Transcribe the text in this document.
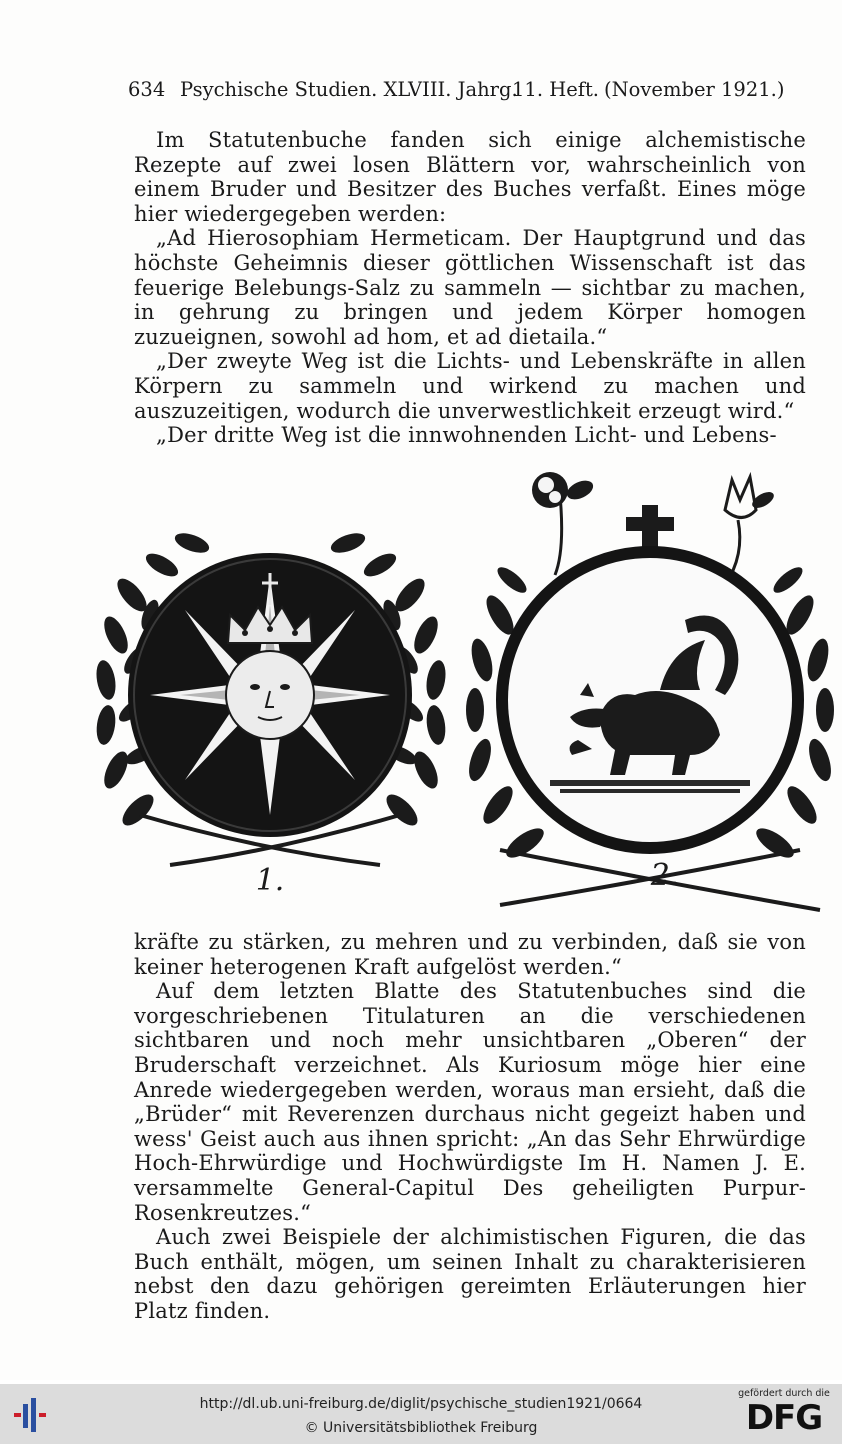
634 Psychische Studien. XLVIII. Jahrg.
11. Heft. (November 1921.)

Im Statutenbuche fanden sich einige alchemistische Rezepte auf zwei losen Blättern vor, wahrscheinlich von einem Bruder und Besitzer des Buches verfaßt. Eines möge hier wiedergegeben werden:

„Ad Hierosophiam Hermeticam. Der Hauptgrund und das höchste Geheimnis dieser göttlichen Wissenschaft ist das feuerige Belebungs-Salz zu sammeln — sichtbar zu machen, in gehrung zu bringen und jedem Körper homogen zuzueignen, sowohl ad hom, et ad dietaila.“

„Der zweyte Weg ist die Lichts- und Lebenskräfte in allen Körpern zu sammeln und wirkend zu machen und auszuzeitigen, wodurch die unverwestlichkeit erzeugt wird.“

„Der dritte Weg ist die innwohnenden Licht- und Lebens-

1.	2.

kräfte zu stärken, zu mehren und zu verbinden, daß sie von keiner heterogenen Kraft aufgelöst werden.“

Auf dem letzten Blatte des Statutenbuches sind die vorgeschriebenen Titulaturen an die verschiedenen sichtbaren und noch mehr unsichtbaren „Oberen“ der Bruderschaft verzeichnet. Als Kuriosum möge hier eine Anrede wiedergegeben werden, woraus man ersieht, daß die „Brüder“ mit Reverenzen durchaus nicht gegeizt haben und wess' Geist auch aus ihnen spricht: „An das Sehr Ehrwürdige Hoch-Ehrwürdige und Hochwürdigste Im H. Namen J. E. versammelte General-Capitul Des geheiligten Purpur-Rosenkreutzes.“

Auch zwei Beispiele der alchimistischen Figuren, die das Buch enthält, mögen, um seinen Inhalt zu charakterisieren nebst den dazu gehörigen gereimten Erläuterungen hier Platz finden.

http://dl.ub.uni-freiburg.de/diglit/psychische_studien1921/0664
© Universitätsbibliothek Freiburg
gefördert durch die
DFG
